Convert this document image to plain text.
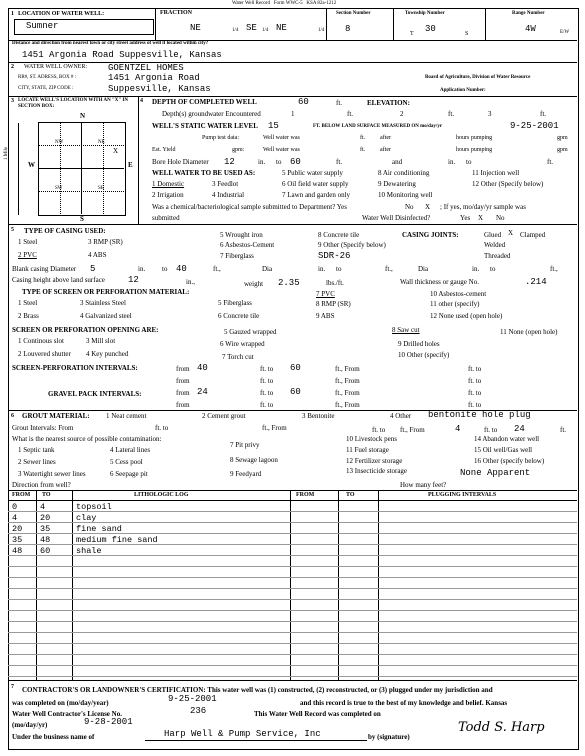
Water Well Record Form WWC-5 KSA 82a-1212
1 LOCATION OF WATER WELL:	FRACTION	Section Number	Township Number	Range Number
Sumner	NE	1/4 SE 1/4 NE	1/4 8	30
T	S	4W	E/W
Distance and direction from nearest town or city street address of well if located within city?
1451 Argonia Road Suppesville, Kansas
2 WATER WELL OWNER: GOENTZEL HOMES
RR#, ST. ADRESS, BOX # :	1451 Argonia Road	Board of Agriculture, Division of Water Resource
CITY, STATE, ZIP CODE :	Suppesville, Kansas	Application Number:
3 LOCATE WELL'S LOCATION WITH AN "X" IN SECTION BOX:
N
S
W	E
1 Mile
NW	NE
SW	SE
X
4 DEPTH OF COMPLETED WELL	60	ft.	ELEVATION:
Depth(s) groundwater Encountered	1	ft.	2	ft.	3	ft.
WELL'S STATIC WATER LEVEL 15	FT. BELOW LAND SURFACE MEASURED ON mo/day/yr	9-25-2001
Pump test data:	Well water was	ft. after	hours pumping	gpm
Est. Yield	gpm:	Well water was	ft. after	hours pumping	gpm
Bore Hole Diameter 12	in. to 60	ft.	and	in. to	ft.
WELL WATER TO BE USED AS:
1 Domestic	3 Feedlot
5 Public water supply	8 Air conditioning	11 Injection well
2 Irrigation	4 Industrial
6 Oil field water supply	9 Dewatering	12 Other (Specify below)
7 Lawn and garden only	10 Monitoring well
Was a chemical/bacteriological sample submitted to Department? Yes	No X ; If yes, mo/day/yr sample was
submitted	Water Well Disinfected?	Yes X No
5 TYPE OF CASING USED:
1 Steel	3 RMP (SR)
5 Wrought iron	8 Concrete tile
2 PVC	4 ABS
6 Asbestos-Cement	9 Other (Specify below)
7 Fiberglass	SDR-26
CASING JOINTS:	Glued X Clamped
Welded
Threaded
Blank casing Diameter 5	in. to 40	ft.,	Dia	in. to	ft.,	Dia	in. to	ft.,
Casing height above land surface	12	in.,	weight 2.35	lbs./ft.	Wall thickness or gauge No.	.214
TYPE OF SCREEN OR PERFORATION MATERIAL:
1 Steel	3 Stainless Steel	5 Fiberglass
7 PVC	10 Asbestos-cement
2 Brass	4 Galvanized steel	6 Concrete tile
8 RMP (SR)	11 other (specify)
9 ABS	12 None used (open hole)
SCREEN OR PERFORATION OPENING ARE:
1 Continous slot	3 Mill slot
5 Gauzed wrapped	8 Saw cut	11 None (open hole)
2 Louvered shutter 4 Key punched
6 Wire wrapped	9 Drilled holes
7 Torch cut	10 Other (specify)
SCREEN-PERFORATION INTERVALS:	from 40	ft. to 60	ft., From	ft. to
from	ft. to	ft., From	ft. to
GRAVEL PACK INTERVALS:	from 24	ft. to 60	ft., From	ft. to
from	ft. to	ft., From	ft. to
6 GROUT MATERIAL: 1 Neat cement	2 Cement grout	3 Bentonite	4 Other bentonite hole plug
Grout Intervals: From	ft. to	ft., From	ft. to ft., From	4	ft. to 24	ft.
What is the nearest source of possible contamination:
1 Septic tank	4 Lateral lines
7 Pit privy
10 Livestock pens	14 Abandon water well
2 Sewer lines	5 Cess pool	8 Sewage lagoon
11 Fuel storage	15 Oil well/Gas well
3 Watertight sewer lines	6 Seepage pit	9 Feedyard
12 Fertilizer storage	16 Other (specify below)
13 Insecticide storage	None Apparent
Direction from well?	How many feet?
FROM TO	LITHOLOGIC LOG	FROM	TO	PLUGGING INTERVALS
0	4	topsoil
4	20	clay
20 35	fine sand
35 48	medium fine sand
48 60	shale
7 CONTRACTOR'S OR LANDOWNER'S CERTIFICATION: This water well was (1) constructed, (2) reconstructed, or (3) plugged under my jurisdiction and
was completed on (mo/day/year)	9-25-2001	and this record is true to the best of my knowledge and belief. Kansas
Water Well Contractor's License No.	236	This Water Well Record was completed on
(mo/day/yr)	9-28-2001
Under the business name of	Harp Well & Pump Service, Inc	by (signature)
Todd S. Harp
